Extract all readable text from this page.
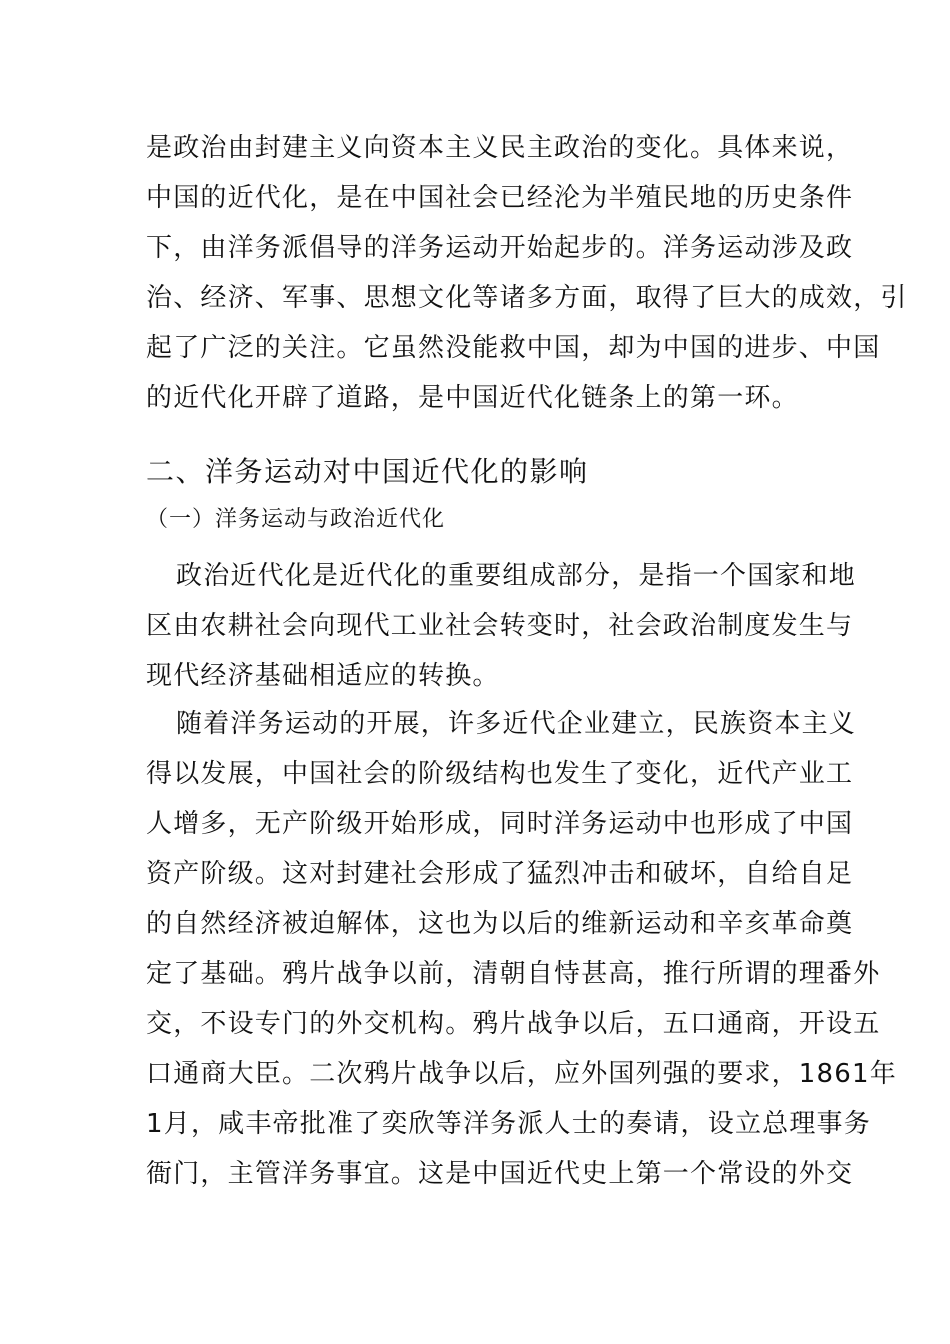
是政治由封建主义向资本主义民主政治的变化。具体来说，
中国的近代化，是在中国社会已经沦为半殖民地的历史条件
下，由洋务派倡导的洋务运动开始起步的。洋务运动涉及政
治、经济、军事、思想文化等诸多方面，取得了巨大的成效，引
起了广泛的关注。它虽然没能救中国，却为中国的进步、中国
的近代化开辟了道路，是中国近代化链条上的第一环。
二、洋务运动对中国近代化的影响
（一）洋务运动与政治近代化
政治近代化是近代化的重要组成部分，是指一个国家和地
区由农耕社会向现代工业社会转变时，社会政治制度发生与
现代经济基础相适应的转换。
随着洋务运动的开展，许多近代企业建立，民族资本主义
得以发展，中国社会的阶级结构也发生了变化，近代产业工
人增多，无产阶级开始形成，同时洋务运动中也形成了中国
资产阶级。这对封建社会形成了猛烈冲击和破坏，自给自足
的自然经济被迫解体，这也为以后的维新运动和辛亥革命奠
定了基础。鸦片战争以前，清朝自恃甚高，推行所谓的理番外
交，不设专门的外交机构。鸦片战争以后，五口通商，开设五
口通商大臣。二次鸦片战争以后，应外国列强的要求，1861年
1月，咸丰帝批准了奕欣等洋务派人士的奏请，设立总理事务
衙门，主管洋务事宜。这是中国近代史上第一个常设的外交
